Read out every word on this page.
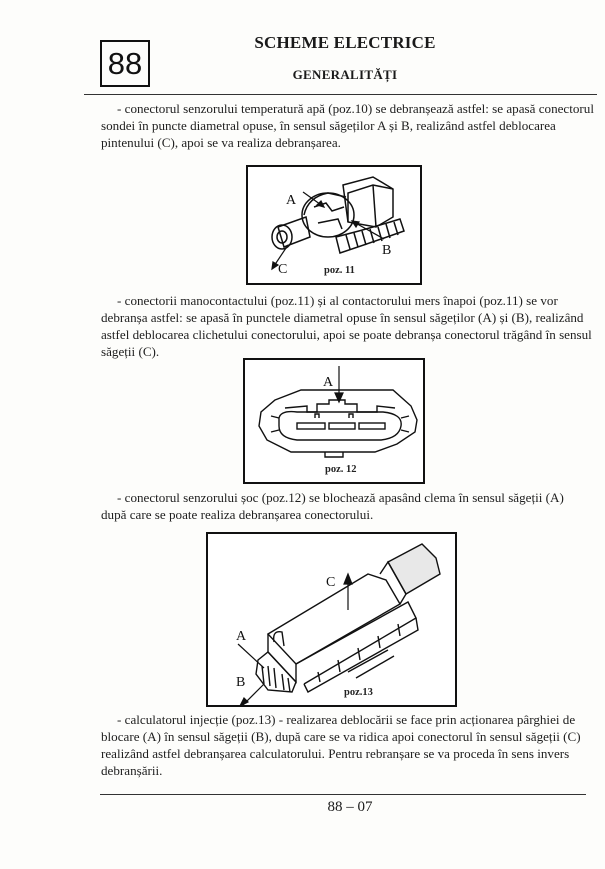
88
SCHEME ELECTRICE
GENERALITĂȚI
- conectorul senzorului temperatură apă (poz.10) se debranșează astfel: se apasă conectorul
sondei în puncte diametral opuse, în sensul săgeților A și B, realizând astfel deblocarea
pintenului (C), apoi se va realiza debranșarea.
A
B
C	poz. 11
- conectorii manocontactului (poz.11) și al contactorului mers înapoi (poz.11) se vor
debranșa astfel: se apasă în punctele diametral opuse în sensul săgeților (A) și (B), realizând
astfel deblocarea clichetului conectorului, apoi se poate debranșa conectorul trăgând în sensul
săgeții (C).
A
poz. 12
- conectorul senzorului șoc (poz.12) se blochează apasând clema în sensul săgeții (A)
după care se poate realiza debranșarea conectorului.
C
A
B
poz.13
- calculatorul injecție (poz.13) - realizarea deblocării se face prin acționarea pârghiei de
blocare (A) în sensul săgeții (B), după care se va ridica apoi conectorul în sensul săgeții (C)
realizând astfel debranșarea calculatorului. Pentru rebranșare se va proceda în sens invers
debranșării.
88 – 07
